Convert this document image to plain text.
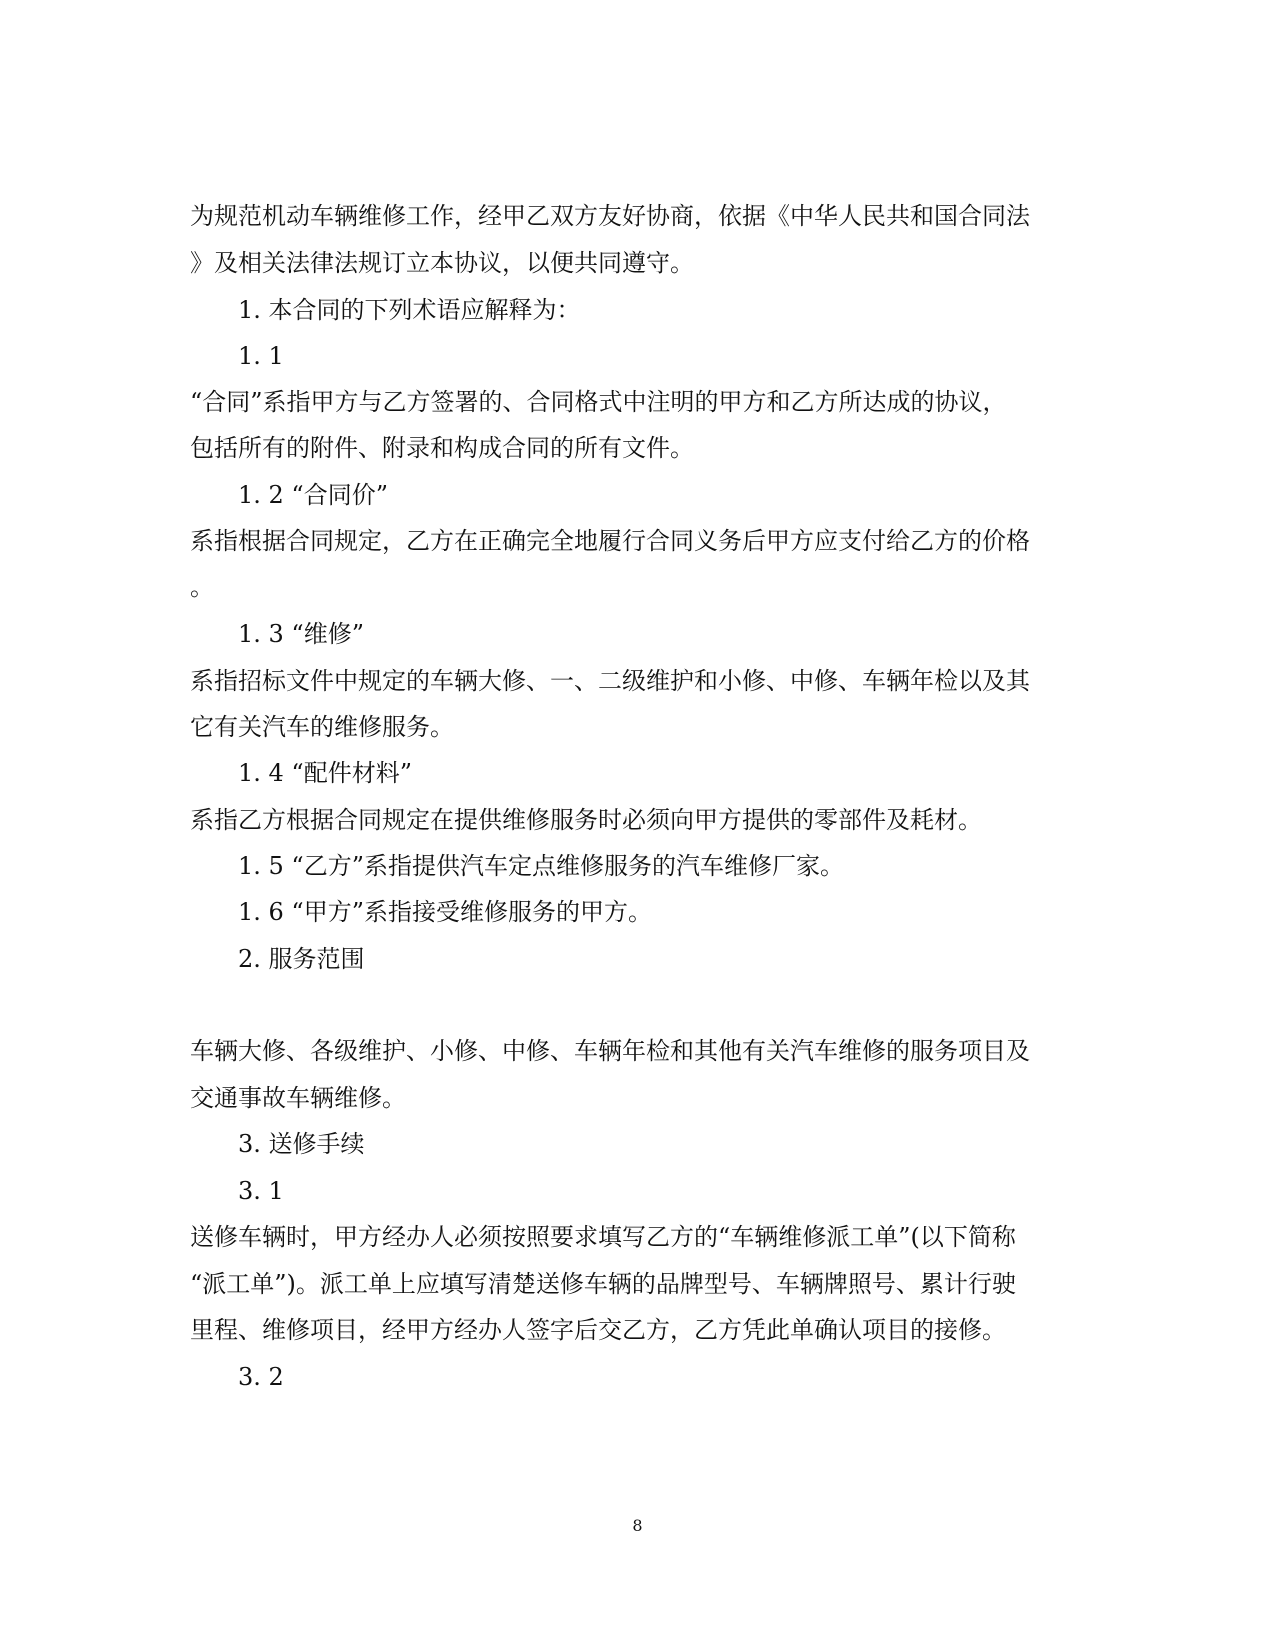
为规范机动车辆维修工作，经甲乙双方友好协商，依据《中华人民共和国合同法
》及相关法律法规订立本协议，以便共同遵守。
1. 本合同的下列术语应解释为：
1. 1
“合同”系指甲方与乙方签署的、合同格式中注明的甲方和乙方所达成的协议，
包括所有的附件、附录和构成合同的所有文件。
1. 2 “合同价”
系指根据合同规定，乙方在正确完全地履行合同义务后甲方应支付给乙方的价格
。
1. 3 “维修”
系指招标文件中规定的车辆大修、一、二级维护和小修、中修、车辆年检以及其
它有关汽车的维修服务。
1. 4 “配件材料”
系指乙方根据合同规定在提供维修服务时必须向甲方提供的零部件及耗材。
1. 5 “乙方”系指提供汽车定点维修服务的汽车维修厂家。
1. 6 “甲方”系指接受维修服务的甲方。
2. 服务范围
车辆大修、各级维护、小修、中修、车辆年检和其他有关汽车维修的服务项目及
交通事故车辆维修。
3. 送修手续
3. 1
送修车辆时，甲方经办人必须按照要求填写乙方的“车辆维修派工单”(以下简称
“派工单”)。派工单上应填写清楚送修车辆的品牌型号、车辆牌照号、累计行驶
里程、维修项目，经甲方经办人签字后交乙方，乙方凭此单确认项目的接修。
3. 2
8
